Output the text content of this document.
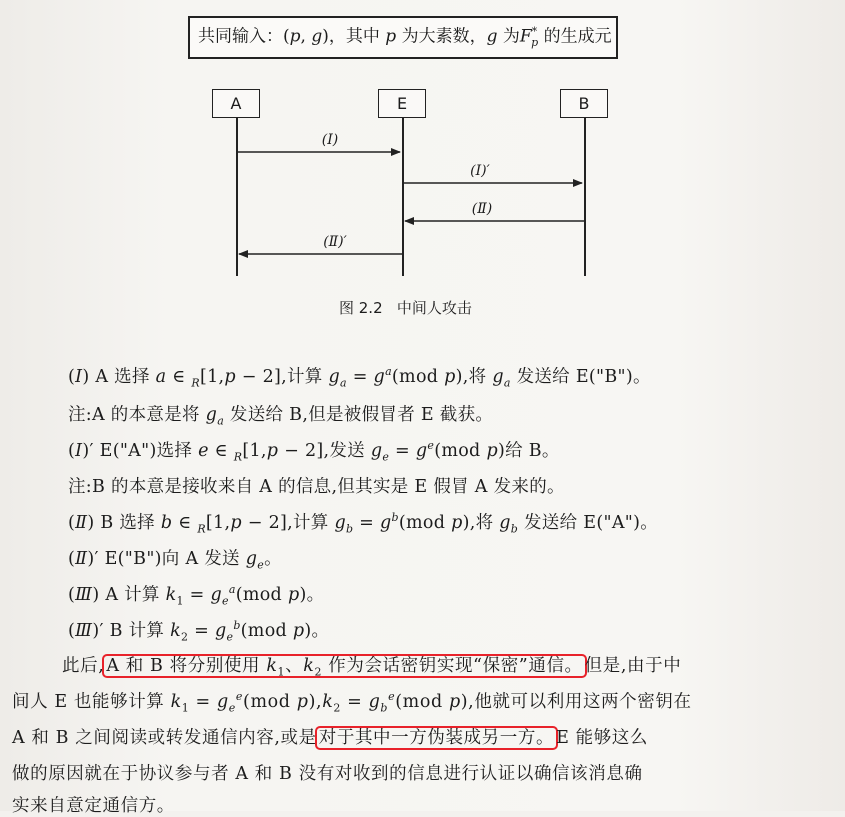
共同输入：(p, g)，其中 p 为大素数，g 为$F^*_p$ 的生成元
A	E	B
(Ⅰ)
(Ⅰ)′
(Ⅱ)
(Ⅱ)′
图 2.2   中间人攻击
(Ⅰ) A 选择 a ∈ $_R$[1,p − 2],计算 $g_a = g^a(mod$ p),将 $g_a$ 发送给 E("B")。
注:A 的本意是将 $g_a$ 发送给 B,但是被假冒者 E 截获。
(Ⅰ)′ E("A")选择 e ∈ $_R$[1,p − 2],发送 $g_e = g^e(mod$ p)给 B。
注:B 的本意是接收来自 A 的信息,但其实是 E 假冒 A 发来的。
(Ⅱ) B 选择 b ∈ $_R$[1,p − 2],计算 $g_b = g^b(mod$ p),将 $g_b$ 发送给 E("A")。
(Ⅱ)′ E("B")向 A 发送 $g_e$。
(Ⅲ) A 计算 $k_1 = g_e^a(mod$ p)。
(Ⅲ)′ B 计算 $k_2 = g_e^b(mod$ p)。
此后, A 和 B 将分别使用 $k_1$、$k_2$ 作为会话密钥实现“保密”通信。 但是,由于中
间人 E 也能够计算 $k_1 = g_e^e(mod$ $p),k_2 = g_b^e(mod$ p),他就可以利用这两个密钥在
A 和 B 之间阅读或转发通信内容,或是 对于其中一方伪装成另一方。 E 能够这么
做的原因就在于协议参与者 A 和 B 没有对收到的信息进行认证以确信该消息确
实来自意定通信方。
